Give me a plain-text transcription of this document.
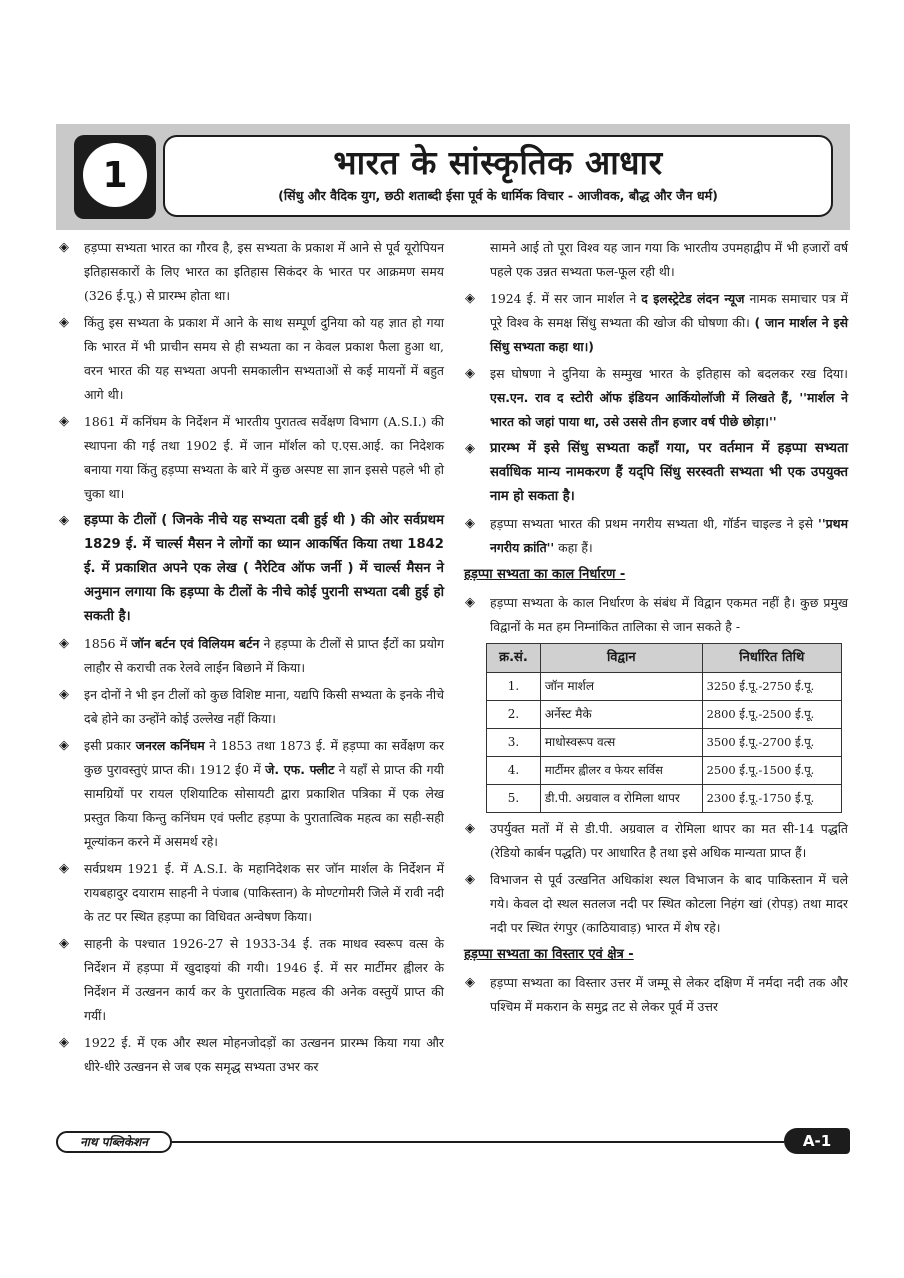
1	भारत के सांस्कृतिक आधार
(सिंधु और वैदिक युग, छठी शताब्दी ईसा पूर्व के धार्मिक विचार - आजीवक, बौद्ध और जैन धर्म)
◈ हड़प्पा सभ्यता भारत का गौरव है, इस सभ्यता के प्रकाश में आने से पूर्व यूरोपियन इतिहासकारों के लिए भारत का इतिहास सिकंदर के भारत पर आक्रमण समय (326 ई.पू.) से प्रारम्भ होता था।
◈ किंतु इस सभ्यता के प्रकाश में आने के साथ सम्पूर्ण दुनिया को यह ज्ञात हो गया कि भारत में भी प्राचीन समय से ही सभ्यता का न केवल प्रकाश फैला हुआ था, वरन भारत की यह सभ्यता अपनी समकालीन सभ्यताओं से कई मायनों में बहुत आगे थी।
◈ 1861 में कनिंघम के निर्देशन में भारतीय पुरातत्व सर्वेक्षण विभाग (A.S.I.) की स्थापना की गई तथा 1902 ई. में जान मॉर्शल को ए.एस.आई. का निदेशक बनाया गया किंतु हड़प्पा सभ्यता के बारे में कुछ अस्पष्ट सा ज्ञान इससे पहले भी हो चुका था।
◈ हड़प्पा के टीलों ( जिनके नीचे यह सभ्यता दबी हुई थी ) की ओर सर्वप्रथम 1829 ई. में चार्ल्स मैसन ने लोगों का ध्यान आकर्षित किया तथा 1842 ई. में प्रकाशित अपने एक लेख ( नैरेटिव ऑफ जर्नी ) में चार्ल्स मैसन ने अनुमान लगाया कि हड़प्पा के टीलों के नीचे कोई पुरानी सभ्यता दबी हुई हो सकती है।
◈ 1856 में जॉन बर्टन एवं विलियम बर्टन ने हड़प्पा के टीलों से प्राप्त ईंटों का प्रयोग लाहौर से कराची तक रेलवे लाईन बिछाने में किया।
◈ इन दोनों ने भी इन टीलों को कुछ विशिष्ट माना, यद्यपि किसी सभ्यता के इनके नीचे दबे होने का उन्होंने कोई उल्लेख नहीं किया।
◈ इसी प्रकार जनरल कनिंघम ने 1853 तथा 1873 ई. में हड़प्पा का सर्वेक्षण कर कुछ पुरावस्तुएं प्राप्त की। 1912 ई0 में जे. एफ. फ्लीट ने यहाँ से प्राप्त की गयी सामग्रियों पर रायल एशियाटिक सोसायटी द्वारा प्रकाशित पत्रिका में एक लेख प्रस्तुत किया किन्तु कनिंघम एवं फ्लीट हड़प्पा के पुरातात्विक महत्व का सही-सही मूल्यांकन करने में असमर्थ रहे।
◈ सर्वप्रथम 1921 ई. में A.S.I. के महानिदेशक सर जॉन मार्शल के निर्देशन में रायबहादुर दयाराम साहनी ने पंजाब (पाकिस्तान) के मोण्टगोमरी जिले में रावी नदी के तट पर स्थित हड़प्पा का विधिवत अन्वेषण किया।
◈ साहनी के पश्चात 1926-27 से 1933-34 ई. तक माधव स्वरूप वत्स के निर्देशन में हड़प्पा में खुदाइयां की गयी। 1946 ई. में सर मार्टीमर ह्वीलर के निर्देशन में उत्खनन कार्य कर के पुरातात्विक महत्व की अनेक वस्तुयें प्राप्त की गयीं।
◈ 1922 ई. में एक और स्थल मोहनजोदड़ों का उत्खनन प्रारम्भ किया गया और धीरे-धीरे उत्खनन से जब एक समृद्ध सभ्यता उभर कर
सामने आई तो पूरा विश्व यह जान गया कि भारतीय उपमहाद्वीप में भी हजारों वर्ष पहले एक उन्नत सभ्यता फल-फूल रही थी।
◈ 1924 ई. में सर जान मार्शल ने द इलस्ट्रेटेड लंदन न्यूज नामक समाचार पत्र में पूरे विश्व के समक्ष सिंधु सभ्यता की खोज की घोषणा की। ( जान मार्शल ने इसे सिंधु सभ्यता कहा था।)
◈ इस घोषणा ने दुनिया के सम्मुख भारत के इतिहास को बदलकर रख दिया। एस.एन. राव द स्टोरी ऑफ इंडियन आर्कियोलॉजी में लिखते हैं, ''मार्शल ने भारत को जहां पाया था, उसे उससे तीन हजार वर्ष पीछे छोड़ा।''
◈ प्रारम्भ में इसे सिंधु सभ्यता कहाँ गया, पर वर्तमान में हड़प्पा सभ्यता सर्वाधिक मान्य नामकरण हैं यद्पि सिंधु सरस्वती सभ्यता भी एक उपयुक्त नाम हो सकता है।
◈ हड़प्पा सभ्यता भारत की प्रथम नगरीय सभ्यता थी, गॉर्डन चाइल्ड ने इसे ''प्रथम नगरीय क्रांति'' कहा हैं।
हड़प्पा सभ्यता का काल निर्धारण -
◈ हड़प्पा सभ्यता के काल निर्धारण के संबंध में विद्वान एकमत नहीं है। कुछ प्रमुख विद्वानों के मत हम निम्नांकित तालिका से जान सकते है -
क्र.सं.	विद्वान	निर्धारित तिथि
1.	जॉन मार्शल	3250 ई.पू.-2750 ई.पू.
2.	अर्नेस्ट मैके	2800 ई.पू.-2500 ई.पू.
3.	माधोस्वरूप वत्स	3500 ई.पू.-2700 ई.पू.
4.	मार्टीमर ह्वीलर व फेयर सर्विस	2500 ई.पू.-1500 ई.पू.
5.	डी.पी. अग्रवाल व रोमिला थापर	2300 ई.पू.-1750 ई.पू.
◈ उपर्युक्त मतों में से डी.पी. अग्रवाल व रोमिला थापर का मत सी-14 पद्धति (रेडियो कार्बन पद्धति) पर आधारित है तथा इसे अधिक मान्यता प्राप्त हैं।
◈ विभाजन से पूर्व उत्खनित अधिकांश स्थल विभाजन के बाद पाकिस्तान में चले गये। केवल दो स्थल सतलज नदी पर स्थित कोटला निहंग खां (रोपड़) तथा मादर नदी पर स्थित रंगपुर (काठियावाड़) भारत में शेष रहे।
हड़प्पा सभ्यता का विस्तार एवं क्षेत्र -
◈ हड़प्पा सभ्यता का विस्तार उत्तर में जम्मू से लेकर दक्षिण में नर्मदा नदी तक और पश्चिम में मकरान के समुद्र तट से लेकर पूर्व में उत्तर
नाथ पब्लिकेशन	A-1
